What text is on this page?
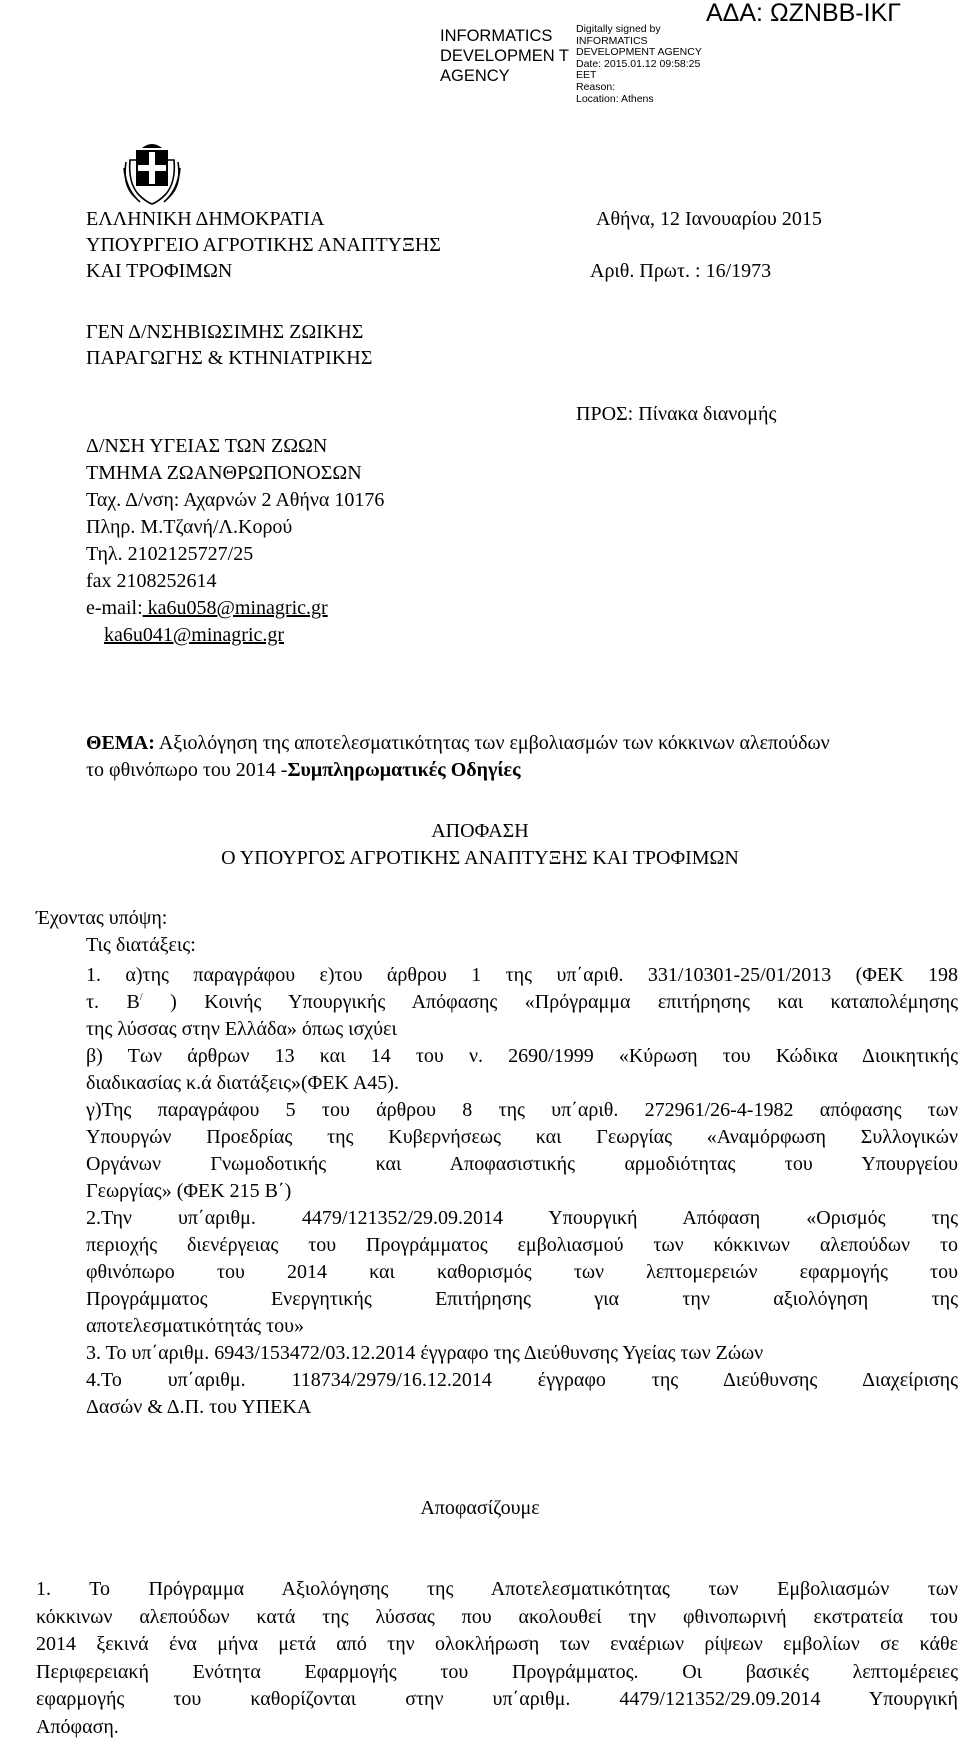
INFORMATICS DEVELOPMEN T AGENCY
Digitally signed by
INFORMATICS
DEVELOPMENT AGENCY
Date: 2015.01.12 09:58:25
EET
Reason:
Location: Athens
ΑΔΑ: ΩΖΝΒΒ-ΙΚΓ
ΕΛΛΗΝΙΚΗ ΔΗΜΟΚΡΑΤΙΑ
ΥΠΟΥΡΓΕΙΟ ΑΓΡΟΤΙΚΗΣ ΑΝΑΠΤΥΞΗΣ
ΚΑΙ ΤΡΟΦΙΜΩΝ
ΓΕΝ Δ/ΝΣΗΒΙΩΣΙΜΗΣ ΖΩΙΚΗΣ
ΠΑΡΑΓΩΓΗΣ & ΚΤΗΝΙΑΤΡΙΚΗΣ
Δ/ΝΣΗ ΥΓΕΙΑΣ ΤΩΝ ΖΩΩΝ
ΤΜΗΜΑ ΖΩΑΝΘΡΩΠΟΝΟΣΩΝ
Ταχ. Δ/νση: Αχαρνών 2 Αθήνα 10176
Πληρ. Μ.Τζανή/Λ.Κορού
Τηλ. 2102125727/25
fax 2108252614
e-mail: ka6u058@minagric.gr
ka6u041@minagric.gr
Αθήνα, 12 Ιανουαρίου 2015
Αριθ. Πρωτ. : 16/1973
ΠΡΟΣ: Πίνακα διανομής
ΘΕΜΑ: Αξιολόγηση της αποτελεσματικότητας των εμβολιασμών των κόκκινων αλεπούδων
το φθινόπωρο του 2014 -Συμπληρωματικές Οδηγίες
ΑΠΟΦΑΣΗ
Ο ΥΠΟΥΡΓΟΣ ΑΓΡΟΤΙΚΗΣ ΑΝΑΠΤΥΞΗΣ ΚΑΙ ΤΡΟΦΙΜΩΝ
Έχοντας υπόψη:
Τις διατάξεις:
1. α)της παραγράφου ε)του άρθρου 1 της υπ΄αριθ. 331/10301-25/01/2013 (ΦΕΚ 198
τ. Β/ ) Κοινής Υπουργικής Απόφασης «Πρόγραμμα επιτήρησης και καταπολέμησης
της λύσσας στην Ελλάδα» όπως ισχύει
β) Των άρθρων 13 και 14 του ν. 2690/1999 «Κύρωση του Κώδικα Διοικητικής
διαδικασίας κ.ά διατάξεις»(ΦΕΚ Α45).
γ)Της παραγράφου 5 του άρθρου 8 της υπ΄αριθ. 272961/26-4-1982 απόφασης των
Υπουργών Προεδρίας της Κυβερνήσεως και Γεωργίας «Αναμόρφωση Συλλογικών
Οργάνων Γνωμοδοτικής και Αποφασιστικής αρμοδιότητας του Υπουργείου
Γεωργίας» (ΦΕΚ 215 Β΄)
2.Την υπ΄αριθμ. 4479/121352/29.09.2014 Υπουργική Απόφαση «Ορισμός της
περιοχής διενέργειας του Προγράμματος εμβολιασμού των κόκκινων αλεπούδων το
φθινόπωρο του 2014 και καθορισμός των λεπτομερειών εφαρμογής του
Προγράμματος Ενεργητικής Επιτήρησης για την αξιολόγηση της
αποτελεσματικότητάς του»
3. Το υπ΄αριθμ. 6943/153472/03.12.2014 έγγραφο της Διεύθυνσης Υγείας των Ζώων
4.Το υπ΄αριθμ. 118734/2979/16.12.2014 έγγραφο της Διεύθυνσης Διαχείρισης
Δασών & Δ.Π. του ΥΠΕΚΑ
Αποφασίζουμε
1. Το Πρόγραμμα Αξιολόγησης της Αποτελεσματικότητας των Εμβολιασμών των
κόκκινων αλεπούδων κατά της λύσσας που ακολουθεί την φθινοπωρινή εκστρατεία του
2014 ξεκινά ένα μήνα μετά από την ολοκλήρωση των εναέριων ρίψεων εμβολίων σε κάθε
Περιφερειακή Ενότητα Εφαρμογής του Προγράμματος. Οι βασικές λεπτομέρειες
εφαρμογής του καθορίζονται στην υπ΄αριθμ. 4479/121352/29.09.2014 Υπουργική
Απόφαση.
